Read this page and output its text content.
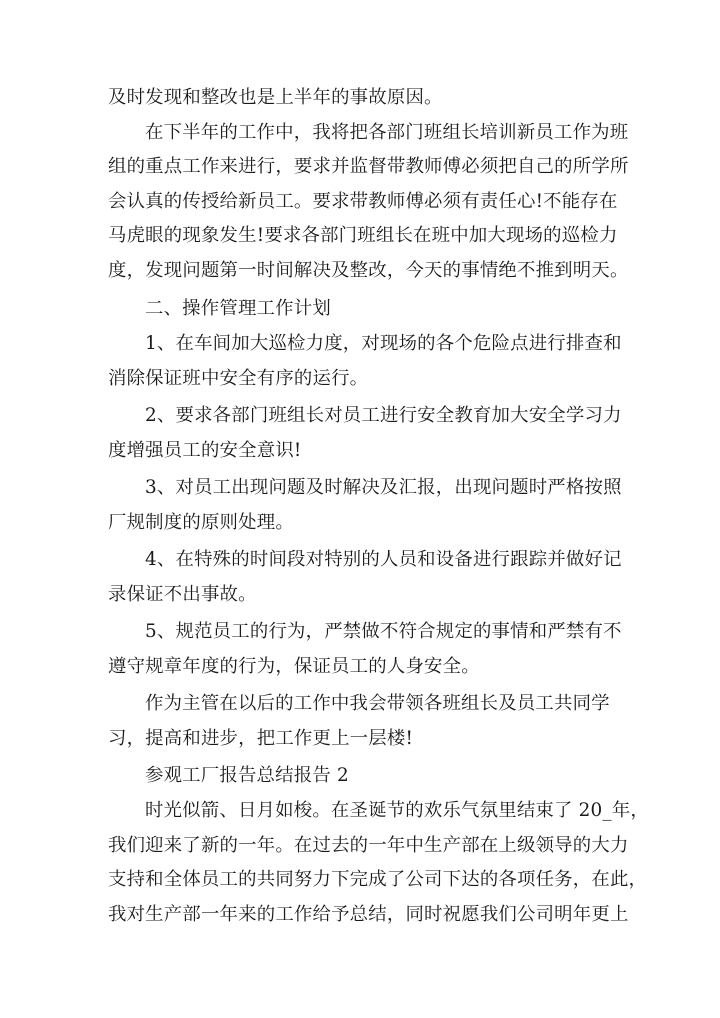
及时发现和整改也是上半年的事故原因。
在下半年的工作中，我将把各部门班组长培训新员工作为班
组的重点工作来进行，要求并监督带教师傅必须把自己的所学所
会认真的传授给新员工。要求带教师傅必须有责任心!不能存在
马虎眼的现象发生!要求各部门班组长在班中加大现场的巡检力
度，发现问题第一时间解决及整改，今天的事情绝不推到明天。
二、操作管理工作计划
1、在车间加大巡检力度，对现场的各个危险点进行排查和
消除保证班中安全有序的运行。
2、要求各部门班组长对员工进行安全教育加大安全学习力
度增强员工的安全意识!
3、对员工出现问题及时解决及汇报，出现问题时严格按照
厂规制度的原则处理。
4、在特殊的时间段对特别的人员和设备进行跟踪并做好记
录保证不出事故。
5、规范员工的行为，严禁做不符合规定的事情和严禁有不
遵守规章年度的行为，保证员工的人身安全。
作为主管在以后的工作中我会带领各班组长及员工共同学
习，提高和进步，把工作更上一层楼!
参观工厂报告总结报告 2
时光似箭、日月如梭。在圣诞节的欢乐气氛里结束了 20_年，
我们迎来了新的一年。在过去的一年中生产部在上级领导的大力
支持和全体员工的共同努力下完成了公司下达的各项任务，在此，
我对生产部一年来的工作给予总结，同时祝愿我们公司明年更上
